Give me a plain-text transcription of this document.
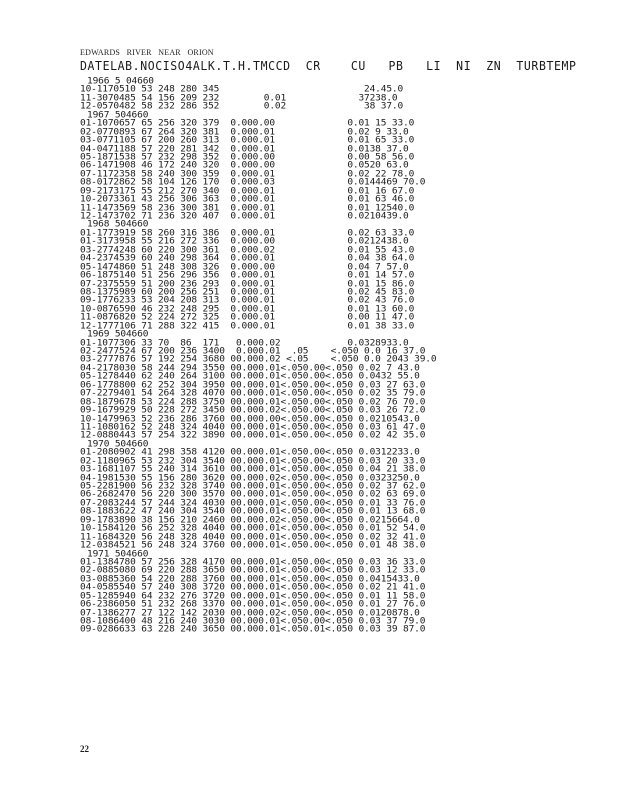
EDWARDS   RIVER   NEAR   ORION
DATELAB.NOCISO4ALK.T.H.TMCCD  CR    CU   PB   LI  NI  ZN  TURBTEMP
1966 5 04660
10-1170510 53 248 280 345                          24.45.0
11-3070485 54 156 209 232        0.01             37238.0
12-0570482 58 232 286 352        0.02              38 37.0
1967 504660
01-1070657 65 256 320 379  0.000.00             0.01 15 33.0
02-0770893 67 264 320 381  0.000.01             0.02 9 33.0
03-0771105 67 200 260 313  0.000.01             0.01 65 33.0
04-0471188 57 220 281 342  0.000.01             0.0138 37.0
05-1871538 57 232 298 352  0.000.00             0.00 58 56.0
06-1471908 46 172 240 320  0.000.00             0.0520 63.0
07-1172358 58 240 300 359  0.000.01             0.02 22 78.0
08-0172862 58 104 126 170  0.000.03             0.0144469 70.0
09-2173175 55 212 270 340  0.000.01             0.01 16 67.0
10-2073361 43 256 306 363  0.000.01             0.01 63 46.0
11-1473569 58 236 300 381  0.000.01             0.01 12540.0
12-1473702 71 236 320 407  0.000.01             0.0210439.0
1968 504660
01-1773919 58 260 316 386  0.000.01             0.02 63 33.0
01-3173958 55 216 272 336  0.000.00             0.0212438.0
03-2774248 60 220 300 361  0.000.02             0.01 55 43.0
04-2374539 60 240 298 364  0.000.01             0.04 38 64.0
05-1474860 51 248 308 326  0.000.00             0.04 7 57.0
06-1875140 51 256 296 356  0.000.01             0.01 14 57.0
07-2375559 51 200 236 293  0.000.01             0.01 15 86.0
08-1375989 60 200 256 251  0.000.01             0.02 45 83.0
09-1776233 53 204 208 313  0.000.01             0.02 43 76.0
10-0876590 46 232 248 295  0.000.01             0.01 13 60.0
11-0876820 52 224 272 325  0.000.01             0.00 11 47.0
12-1777106 71 288 322 415  0.000.01             0.01 38 33.0
1969 504660
01-1077306 33 70  86  171   0.000.02            0.0328933.0
02-2477524 67 200 236 3400  0.000.01  .05    <.050 0.0 16 37.0
03-2777876 57 192 254 3680 00.000.02 <.05    <.050 0.0 2043 39.0
04-2178030 58 244 294 3550 00.000.01<.050.00<.050 0.02 7 43.0
05-1278440 62 240 264 3100 00.000.01<.050.00<.050 0.0432 55.0
06-1778800 62 252 304 3950 00.000.01<.050.00<.050 0.03 27 63.0
07-2279401 54 264 328 4070 00.000.01<.050.00<.050 0.02 35 79.0
08-1879678 53 224 288 3750 00.000.01<.050.00<.050 0.02 76 70.0
09-1679929 50 228 272 3450 00.000.02<.050.00<.050 0.03 26 72.0
10-1479963 52 236 286 3760 00.000.00<.050.00<.050 0.0210543.0
11-1080162 52 248 324 4040 00.000.01<.050.00<.050 0.03 61 47.0
12-0880443 57 254 322 3890 00.000.01<.050.00<.050 0.02 42 35.0
1970 504660
01-2080902 41 298 358 4120 00.000.01<.050.00<.050 0.0312233.0
02-1180965 53 232 304 3540 00.000.01<.050.00<.050 0.03 20 33.0
03-1681107 55 240 314 3610 00.000.01<.050.00<.050 0.04 21 38.0
04-1981530 55 156 280 3620 00.000.02<.050.00<.050 0.0323250.0
05-2281900 56 232 328 3740 00.000.01<.050.00<.050 0.02 37 62.0
06-2682470 56 220 300 3570 00.000.01<.050.00<.050 0.02 63 69.0
07-2083244 57 244 324 4030 00.000.01<.050.00<.050 0.01 33 76.0
08-1883622 47 240 304 3540 00.000.01<.050.00<.050 0.01 13 68.0
09-1783890 38 156 210 2460 00.000.02<.050.00<.050 0.0215664.0
10-1584120 56 252 328 4040 00.000.01<.050.00<.050 0.01 52 54.0
11-1684320 56 248 328 4040 00.000.01<.050.00<.050 0.02 32 41.0
12-0384521 56 248 324 3760 00.000.01<.050.00<.050 0.01 48 38.0
1971 504660
01-1384780 57 256 328 4170 00.000.01<.050.00<.050 0.03 36 33.0
02-0885080 69 220 288 3650 00.000.01<.050.00<.050 0.03 12 33.0
03-0885360 54 220 288 3760 00.000.01<.050.00<.050 0.0415433.0
04-0585540 57 240 308 3720 00.000.01<.050.00<.050 0.02 21 41.0
05-1285940 64 232 276 3720 00.000.01<.050.00<.050 0.01 11 58.0
06-2386050 51 232 268 3370 00.000.01<.050.00<.050 0.01 27 76.0
07-1386277 27 122 142 2030 00.000.02<.050.00<.050 0.0120878.0
08-1086400 48 216 240 3030 00.000.01<.050.00<.050 0.03 37 79.0
09-0286633 63 228 240 3650 00.000.01<.050.01<.050 0.03 39 87.0
22
